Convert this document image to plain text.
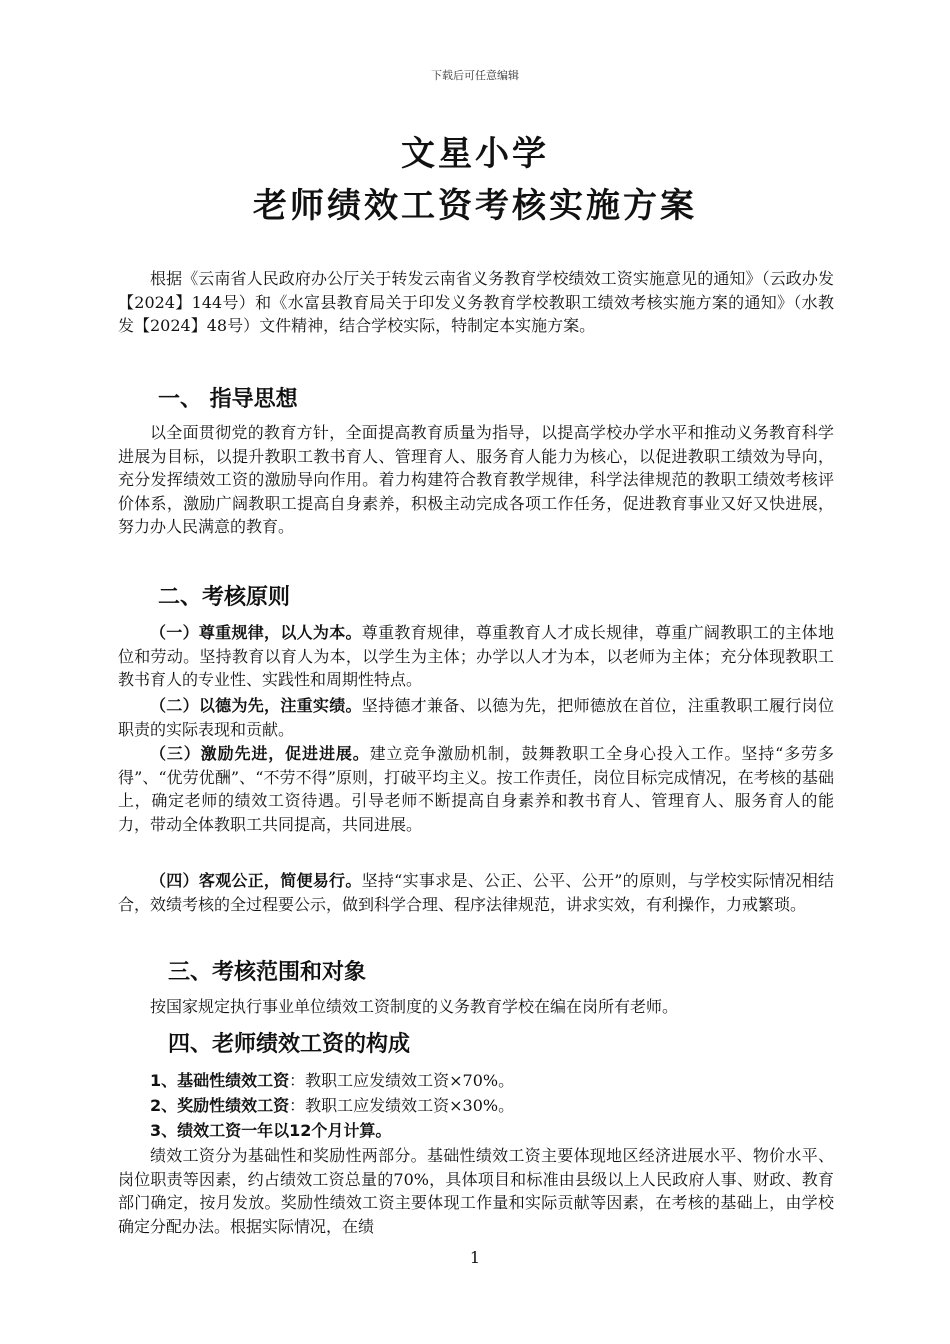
下载后可任意编辑
文星小学
老师绩效工资考核实施方案
根据《云南省人民政府办公厅关于转发云南省义务教育学校绩效工资实施意见的通知》（云政办发【2024】144号）和《水富县教育局关于印发义务教育学校教职工绩效考核实施方案的通知》（水教发【2024】48号）文件精神，结合学校实际，特制定本实施方案。
一、 指导思想
以全面贯彻党的教育方针，全面提高教育质量为指导，以提高学校办学水平和推动义务教育科学进展为目标，以提升教职工教书育人、管理育人、服务育人能力为核心，以促进教职工绩效为导向，充分发挥绩效工资的激励导向作用。着力构建符合教育教学规律，科学法律规范的教职工绩效考核评价体系，激励广阔教职工提高自身素养，积极主动完成各项工作任务，促进教育事业又好又快进展，努力办人民满意的教育。
二、考核原则
（一）尊重规律，以人为本。尊重教育规律，尊重教育人才成长规律，尊重广阔教职工的主体地位和劳动。坚持教育以育人为本，以学生为主体；办学以人才为本，以老师为主体；充分体现教职工教书育人的专业性、实践性和周期性特点。
（二）以德为先，注重实绩。坚持德才兼备、以德为先，把师德放在首位，注重教职工履行岗位职责的实际表现和贡献。
（三）激励先进，促进进展。建立竞争激励机制，鼓舞教职工全身心投入工作。坚持“多劳多得”、“优劳优酬”、“不劳不得”原则，打破平均主义。按工作责任，岗位目标完成情况，在考核的基础上，确定老师的绩效工资待遇。引导老师不断提高自身素养和教书育人、管理育人、服务育人的能力，带动全体教职工共同提高，共同进展。
（四）客观公正，简便易行。坚持“实事求是、公正、公平、公开”的原则，与学校实际情况相结合，效绩考核的全过程要公示，做到科学合理、程序法律规范，讲求实效，有利操作，力戒繁琐。
三、考核范围和对象
按国家规定执行事业单位绩效工资制度的义务教育学校在编在岗所有老师。
四、老师绩效工资的构成
1、基础性绩效工资：教职工应发绩效工资×70%。
2、奖励性绩效工资：教职工应发绩效工资×30%。
3、绩效工资一年以12个月计算。
绩效工资分为基础性和奖励性两部分。基础性绩效工资主要体现地区经济进展水平、物价水平、岗位职责等因素，约占绩效工资总量的70%，具体项目和标准由县级以上人民政府人事、财政、教育部门确定，按月发放。奖励性绩效工资主要体现工作量和实际贡献等因素，在考核的基础上，由学校确定分配办法。根据实际情况，在绩
1
